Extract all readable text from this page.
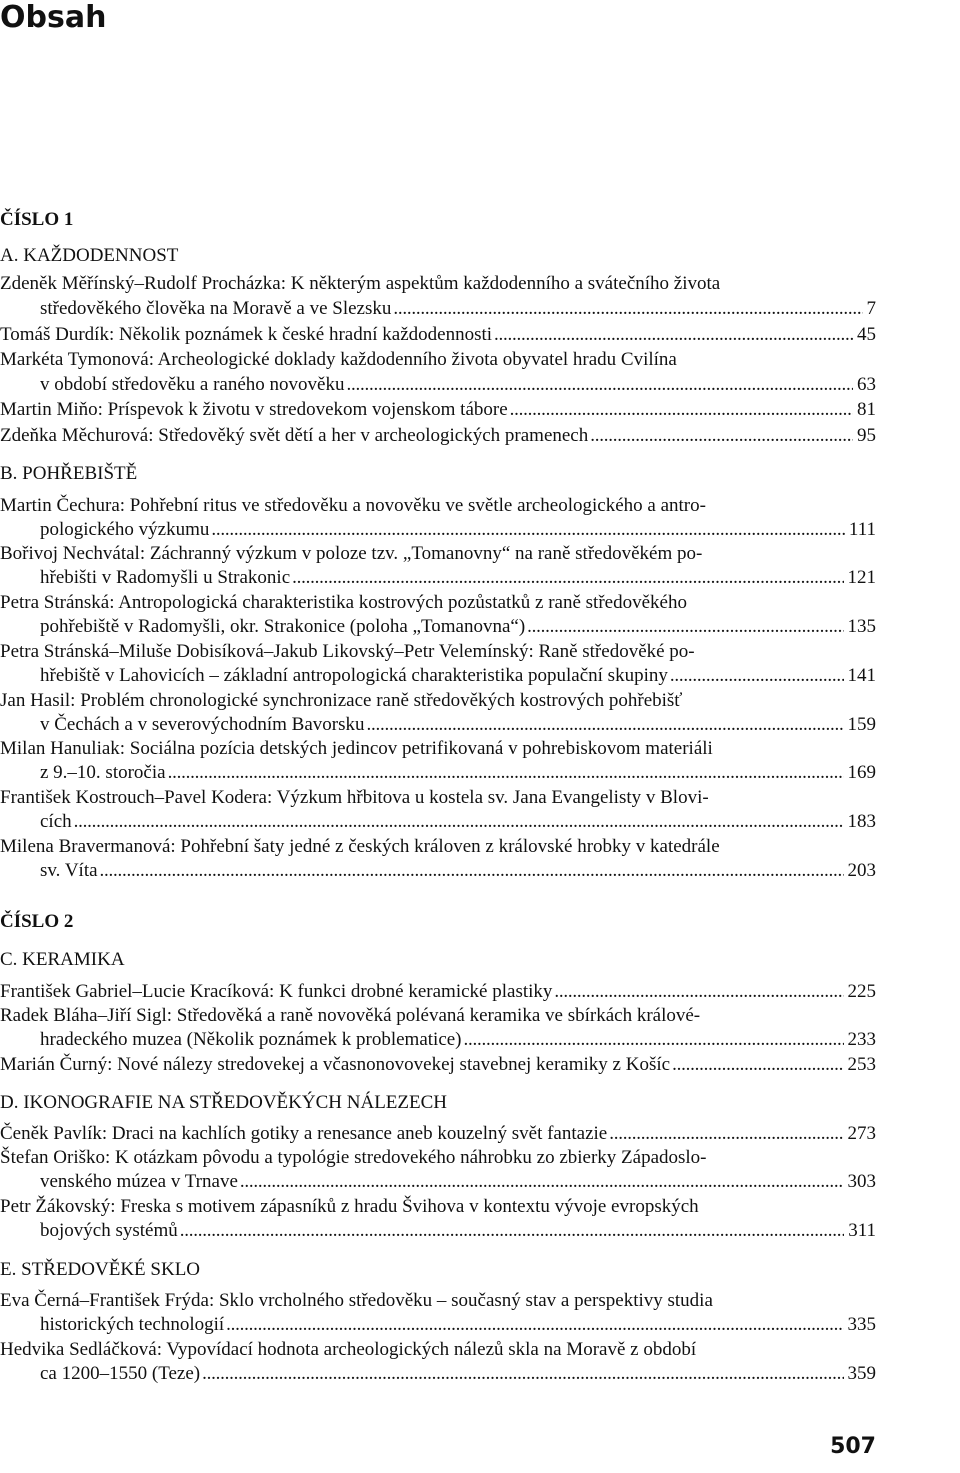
Obsah
ČÍSLO 1
A. KAŽDODENNOST
Zdeněk Měřínský–Rudolf Procházka: K některým aspektům každodenního a svátečního života
středověkého člověka na Moravě a ve Slezsku . . .	7
Tomáš Durdík: Několik poznámek k české hradní každodennosti . . .	45
Markéta Tymonová: Archeologické doklady každodenního života obyvatel hradu Cvilína
v období středověku a raného novověku . . .	63
Martin Miňo: Príspevok k životu v stredovekom vojenskom tábore . . .	81
Zdeňka Měchurová: Středověký svět dětí a her v archeologických pramenech . . .	95
B. POHŘEBIŠTĚ
Martin Čechura: Pohřební ritus ve středověku a novověku ve světle archeologického a antro-
pologického výzkumu . . .	111
Bořivoj Nechvátal: Záchranný výzkum v poloze tzv. „Tomanovny“ na raně středověkém po-
hřebišti v Radomyšli u Strakonic . . .	121
Petra Stránská: Antropologická charakteristika kostrových pozůstatků z raně středověkého
pohřebiště v Radomyšli, okr. Strakonice (poloha „Tomanovna“) . . .	135
Petra Stránská–Miluše Dobisíková–Jakub Likovský–Petr Velemínský: Raně středověké po-
hřebiště v Lahovicích – základní antropologická charakteristika populační skupiny . . .	141
Jan Hasil: Problém chronologické synchronizace raně středověkých kostrových pohřebišť
v Čechách a v severovýchodním Bavorsku . . .	159
Milan Hanuliak: Sociálna pozícia detských jedincov petrifikovaná v pohrebiskovom materiáli
z 9.–10. storočia . . .	169
František Kostrouch–Pavel Kodera: Výzkum hřbitova u kostela sv. Jana Evangelisty v Blovi-
cích . . .	183
Milena Bravermanová: Pohřební šaty jedné z českých královen z královské hrobky v katedrále
sv. Víta . . .	203
ČÍSLO 2
C. KERAMIKA
František Gabriel–Lucie Kracíková: K funkci drobné keramické plastiky . . .	225
Radek Bláha–Jiří Sigl: Středověká a raně novověká polévaná keramika ve sbírkách králové-
hradeckého muzea (Několik poznámek k problematice) . . .	233
Marián Čurný: Nové nálezy stredovekej a včasnonovovekej stavebnej keramiky z Košíc . . .	253
D. IKONOGRAFIE NA STŘEDOVĚKÝCH NÁLEZECH
Čeněk Pavlík: Draci na kachlích gotiky a renesance aneb kouzelný svět fantazie . . .	273
Štefan Oriško: K otázkam pôvodu a typológie stredovekého náhrobku zo zbierky Západoslo-
venského múzea v Trnave . . .	303
Petr Žákovský: Freska s motivem zápasníků z hradu Švihova v kontextu vývoje evropských
bojových systémů . . .	311
E. STŘEDOVĚKÉ SKLO
Eva Černá–František Frýda: Sklo vrcholného středověku – současný stav a perspektivy studia
historických technologií . . .	335
Hedvika Sedláčková: Vypovídací hodnota archeologických nálezů skla na Moravě z období
ca 1200–1550 (Teze) . . .	359
507
